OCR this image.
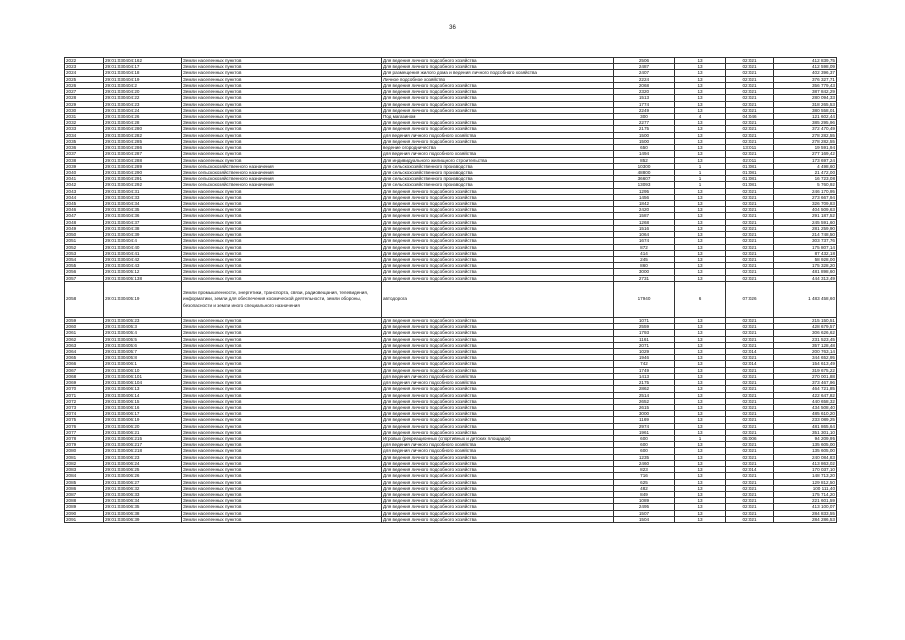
36
2022	29:01:030404:162	Земли населенных пунктов	Для ведения личного подсобного хозяйства	2506	13	02:021	412 839,75
2023	29:01:030404:17	Земли населенных пунктов	Для ведения личного подсобного хозяйства	2487	13	02:021	412 598,09
2024	29:01:030404:18	Земли населенных пунктов	Для размещения жилого дома и ведения личного подсобного хозяйства	2407	13	02:021	402 396,37
2025	29:01:030404:19	Земли населенных пунктов	Личное подсобное хозяйство	2224	13	02:021	376 327,71
2026	29:01:030404:2	Земли населенных пунктов	Для ведения личного подсобного хозяйства	2068	13	02:021	356 779,43
2027	29:01:030404:20	Земли населенных пунктов	Для ведения личного подсобного хозяйства	2320	13	02:021	387 842,29
2028	29:01:030404:22	Земли населенных пунктов	Для ведения личного подсобного хозяйства	1513	13	02:021	280 094,33
2029	29:01:030404:23	Земли населенных пунктов	Для ведения личного подсобного хозяйства	1774	13	02:021	318 265,53
2030	29:01:030404:24	Земли населенных пунктов	Для ведения личного подсобного хозяйства	2249	13	02:021	380 558,01
2031	29:01:030404:26	Земли населенных пунктов	Под магазином	300	4	04:046	121 602,44
2032	29:01:030404:28	Земли населенных пунктов	Для ведения личного подсобного хозяйства	2277	13	02:021	385 295,96
2033	29:01:030404:280	Земли населенных пунктов	Для ведения личного подсобного хозяйства	2175	13	02:021	372 470,49
2034	29:01:030404:282	Земли населенных пунктов	для ведения личного подсобного хозяйства	1500	13	02:021	278 282,55
2035	29:01:030404:285	Земли населенных пунктов	Для ведения личного подсобного хозяйства	1500	13	02:021	278 282,55
2036	29:01:030404:286	Земли населенных пунктов	ведение огородничества	650	13	13:011	19 591,94
2037	29:01:030404:287	Земли населенных пунктов	для ведения личного подсобного хозяйства	1494	13	02:021	277 169,42
2038	29:01:030404:288	Земли населенных пунктов	Для индивидуального жилищного строительства	852	13	02:011	173 697,24
2039	29:01:030404:289	Земли сельскохозяйственного назначения	Для сельскохозяйственного производства	10300	1	01:081	4 498,60
2040	29:01:030404:290	Земли сельскохозяйственного назначения	Для сельскохозяйственного производства	48800	1	01:081	21 472,00
2041	29:01:030404:291	Земли сельскохозяйственного назначения	Для сельскохозяйственного производства	36607	1	01:081	16 723,08
2042	29:01:030404:292	Земли сельскохозяйственного назначения	Для сельскохозяйственного производства	13093	1	01:081	5 760,92
2043	29:01:030404:31	Земли населенных пунктов	Для ведения личного подсобного хозяйства	1295	13	02:021	246 170,95
2044	29:01:030404:33	Земли населенных пунктов	Для ведения личного подсобного хозяйства	1456	13	02:021	273 667,94
2045	29:01:030404:34	Земли населенных пунктов	Для ведения личного подсобного хозяйства	1842	13	02:021	326 709,83
2046	29:01:030404:35	Земли населенных пунктов	Для ведения личного подсобного хозяйства	2420	13	02:021	404 509,63
2047	29:01:030404:36	Земли населенных пунктов	Для ведения личного подсобного хозяйства	1587	13	02:021	291 187,52
2048	29:01:030404:37	Земли населенных пунктов	Для ведения личного подсобного хозяйства	1268	13	02:021	245 591,60
2049	29:01:030404:38	Земли населенных пунктов	Для ведения личного подсобного хозяйства	1516	13	02:021	281 259,90
2050	29:01:030404:39	Земли населенных пунктов	Для ведения личного подсобного хозяйства	1064	13	02:021	214 748,50
2051	29:01:030404:4	Земли населенных пунктов	Для ведения личного подсобного хозяйства	1674	13	02:021	303 737,76
2052	29:01:030404:40	Земли населенных пунктов	Для ведения личного подсобного хозяйства	872	13	02:021	175 807,14
2053	29:01:030404:41	Земли населенных пунктов	Для ведения личного подсобного хозяйства	414	13	02:021	87 432,18
2054	29:01:030404:42	Земли населенных пунктов	Для ведения личного подсобного хозяйства	245	13	02:021	58 928,00
2055	29:01:030404:43	Земли населенных пунктов	Для ведения личного подсобного хозяйства	860	13	02:021	175 328,20
2056	29:01:030405:12	Земли населенных пунктов	Для ведения личного подсобного хозяйства	3000	13	02:021	481 898,60
2057	29:01:030405:138	Земли населенных пунктов	Для ведения личного подсобного хозяйства	2731	13	02:021	444 313,49
2058	29:01:030405:19	Земли промышленности, энергетики, транспорта, связи, радиовещания, телевидения, информатики, земли для обеспечения космической деятельности, земли обороны, безопасности и земли иного специального назначения	автодорога	17940	6	07:026	1 483 458,60
2059	29:01:030405:23	Земли населенных пунктов	Для ведения личного подсобного хозяйства	1071	13	02:021	215 150,51
2060	29:01:030405:3	Земли населенных пунктов	Для ведения личного подсобного хозяйства	2559	13	02:021	428 679,57
2061	29:01:030405:4	Земли населенных пунктов	Для ведения личного подсобного хозяйства	1793	13	02:021	306 626,62
2062	29:01:030405:5	Земли населенных пунктов	Для ведения личного подсобного хозяйства	1161	13	02:021	231 523,45
2063	29:01:030405:6	Земли населенных пунктов	Для ведения личного подсобного хозяйства	2071	13	02:021	357 128,48
2064	29:01:030405:7	Земли населенных пунктов	Для ведения личного подсобного хозяйства	1029	13	02:014	200 763,14
2065	29:01:030405:8	Земли населенных пунктов	Для ведения личного подсобного хозяйства	1946	13	02:021	344 652,95
2066	29:01:030406:1	Земли населенных пунктов	Для ведения личного подсобного хозяйства	742	13	02:014	154 613,49
2067	29:01:030406:10	Земли населенных пунктов	Для ведения личного подсобного хозяйства	1749	13	02:021	319 675,22
2068	29:01:030406:101	Земли населенных пунктов	для ведения личного подсобного хозяйства	1413	13	02:021	270 001,88
2069	29:01:030406:104	Земли населенных пунктов	для ведения личного подсобного хозяйства	2175	13	02:021	373 467,96
2070	29:01:030406:13	Земли населенных пунктов	Для ведения личного подсобного хозяйства	2862	13	02:021	464 721,85
2071	29:01:030406:14	Земли населенных пунктов	Для ведения личного подсобного хозяйства	2514	13	02:021	422 647,82
2072	29:01:030406:15	Земли населенных пунктов	Для ведения личного подсобного хозяйства	2652	13	02:021	440 658,32
2073	29:01:030406:16	Земли населенных пунктов	Для ведения личного подсобного хозяйства	2615	13	02:021	434 508,40
2074	29:01:030406:17	Земли населенных пунктов	Для ведения личного подсобного хозяйства	3000	13	02:021	485 610,20
2075	29:01:030406:19	Земли населенных пунктов	Для ведения личного подсобного хозяйства	1169	13	02:021	233 089,25
2076	29:01:030406:20	Земли населенных пунктов	Для ведения личного подсобного хозяйства	2974	13	02:021	481 865,64
2077	29:01:030406:21	Земли населенных пунктов	Для ведения личного подсобного хозяйства	1961	13	02:021	351 301,10
2078	29:01:030406:215	Земли населенных пунктов	Игровых (рекреационных (спортивных и детских площадок)	600	1	05:006	94 209,95
2079	29:01:030406:217	Земли населенных пунктов	для ведения личного подсобного хозяйства	600	13	02:021	135 605,00
2080	29:01:030406:218	Земли населенных пунктов	для ведения личного подсобного хозяйства	600	13	02:021	135 605,00
2081	29:01:030406:23	Земли населенных пунктов	Для ведения личного подсобного хозяйства	1235	13	02:021	240 084,83
2082	29:01:030406:24	Земли населенных пунктов	Для ведения личного подсобного хозяйства	2460	13	02:021	413 863,02
2083	29:01:030406:25	Земли населенных пунктов	Для ведения личного подсобного хозяйства	823	13	02:014	170 037,10
2084	29:01:030406:26	Земли населенных пунктов	Для ведения личного подсобного хозяйства	716	13	02:021	148 713,20
2085	29:01:030406:27	Земли населенных пунктов	Для ведения личного подсобного хозяйства	625	13	02:021	129 812,50
2086	29:01:030406:32	Земли населенных пунктов	Для ведения личного подсобного хозяйства	482	13	02:021	100 111,40
2087	29:01:030406:33	Земли населенных пунктов	Для ведения личного подсобного хозяйства	849	13	02:021	175 714,20
2088	29:01:030406:34	Земли населенных пунктов	Для ведения личного подсобного хозяйства	1089	13	02:021	221 601,59
2089	29:01:030406:35	Земли населенных пунктов	Для ведения личного подсобного хозяйства	2495	13	02:021	413 100,07
2090	29:01:030406:38	Земли населенных пунктов	Для ведения личного подсобного хозяйства	1507	13	02:021	284 833,55
2091	29:01:030406:39	Земли населенных пунктов	Для ведения личного подсобного хозяйства	1504	13	02:021	284 286,53
